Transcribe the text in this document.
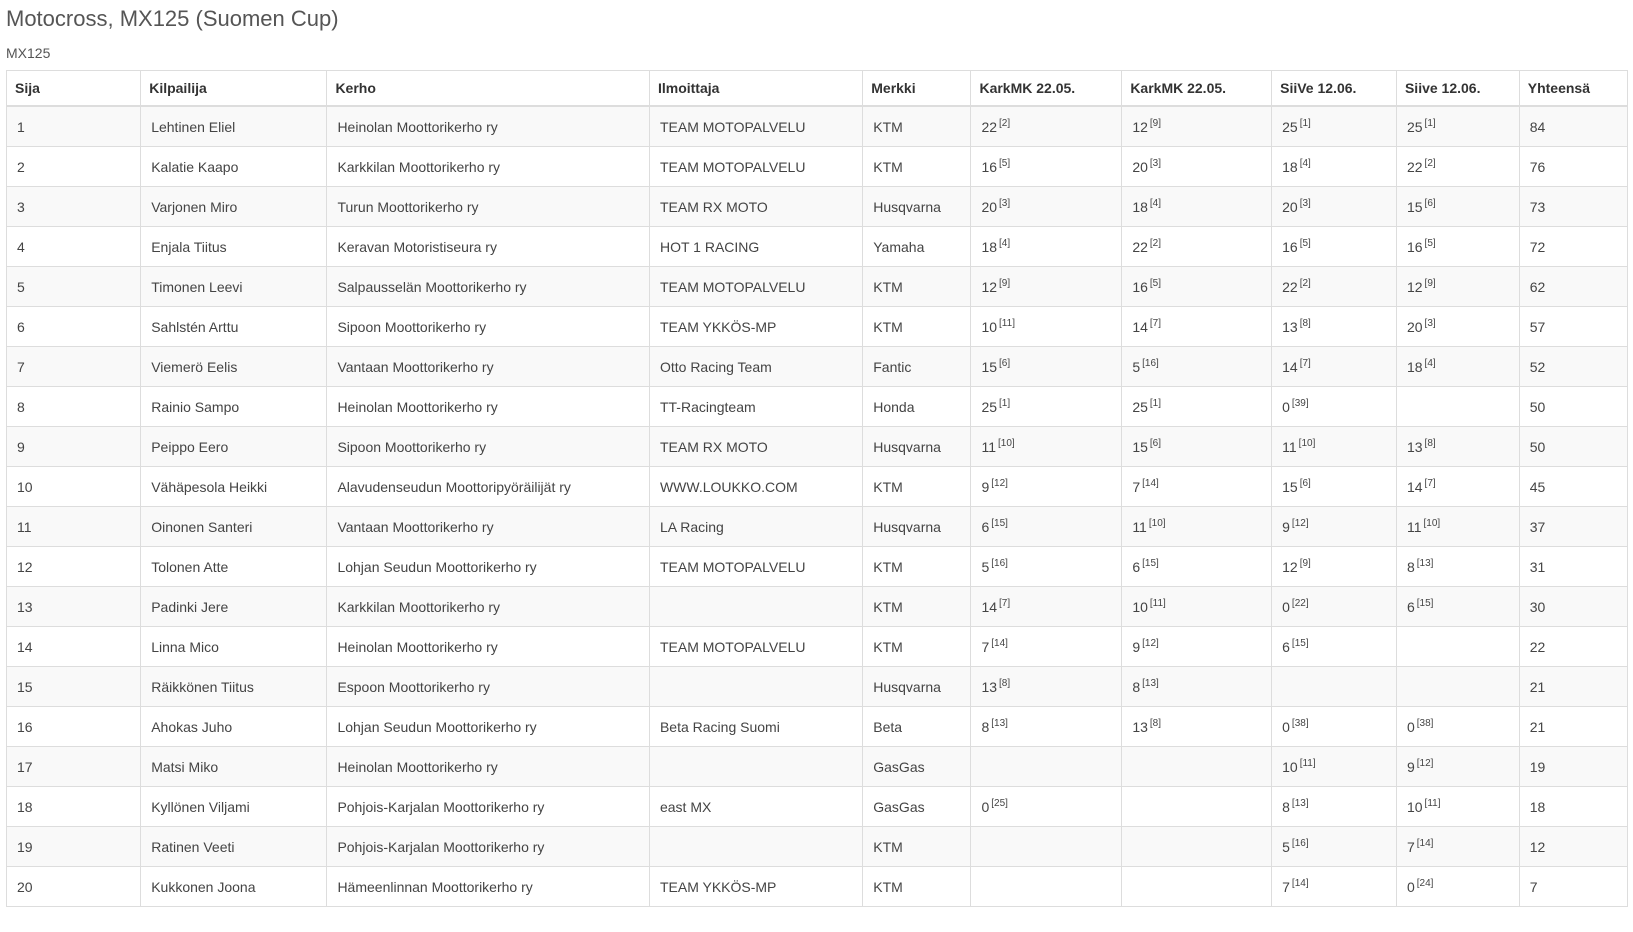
Motocross, MX125 (Suomen Cup)
MX125
Sija	Kilpailija	Kerho	Ilmoittaja	Merkki	KarkMK 22.05.	KarkMK 22.05.	SiiVe 12.06.	Siive 12.06.	Yhteensä
1	Lehtinen Eliel	Heinolan Moottorikerho ry	TEAM MOTOPALVELU	KTM	22 [2]	12 [9]	25 [1]	25 [1]	84
2	Kalatie Kaapo	Karkkilan Moottorikerho ry	TEAM MOTOPALVELU	KTM	16 [5]	20 [3]	18 [4]	22 [2]	76
3	Varjonen Miro	Turun Moottorikerho ry	TEAM RX MOTO	Husqvarna	20 [3]	18 [4]	20 [3]	15 [6]	73
4	Enjala Tiitus	Keravan Motoristiseura ry	HOT 1 RACING	Yamaha	18 [4]	22 [2]	16 [5]	16 [5]	72
5	Timonen Leevi	Salpausselän Moottorikerho ry	TEAM MOTOPALVELU	KTM	12 [9]	16 [5]	22 [2]	12 [9]	62
6	Sahlstén Arttu	Sipoon Moottorikerho ry	TEAM YKKÖS-MP	KTM	10 [11]	14 [7]	13 [8]	20 [3]	57
7	Viemerö Eelis	Vantaan Moottorikerho ry	Otto Racing Team	Fantic	15 [6]	5 [16]	14 [7]	18 [4]	52
8	Rainio Sampo	Heinolan Moottorikerho ry	TT-Racingteam	Honda	25 [1]	25 [1]	0 [39]		50
9	Peippo Eero	Sipoon Moottorikerho ry	TEAM RX MOTO	Husqvarna	11 [10]	15 [6]	11 [10]	13 [8]	50
10	Vähäpesola Heikki	Alavudenseudun Moottoripyöräilijät ry	WWW.LOUKKO.COM	KTM	9 [12]	7 [14]	15 [6]	14 [7]	45
11	Oinonen Santeri	Vantaan Moottorikerho ry	LA Racing	Husqvarna	6 [15]	11 [10]	9 [12]	11 [10]	37
12	Tolonen Atte	Lohjan Seudun Moottorikerho ry	TEAM MOTOPALVELU	KTM	5 [16]	6 [15]	12 [9]	8 [13]	31
13	Padinki Jere	Karkkilan Moottorikerho ry		KTM	14 [7]	10 [11]	0 [22]	6 [15]	30
14	Linna Mico	Heinolan Moottorikerho ry	TEAM MOTOPALVELU	KTM	7 [14]	9 [12]	6 [15]		22
15	Räikkönen Tiitus	Espoon Moottorikerho ry		Husqvarna	13 [8]	8 [13]			21
16	Ahokas Juho	Lohjan Seudun Moottorikerho ry	Beta Racing Suomi	Beta	8 [13]	13 [8]	0 [38]	0 [38]	21
17	Matsi Miko	Heinolan Moottorikerho ry		GasGas			10 [11]	9 [12]	19
18	Kyllönen Viljami	Pohjois-Karjalan Moottorikerho ry	east MX	GasGas	0 [25]		8 [13]	10 [11]	18
19	Ratinen Veeti	Pohjois-Karjalan Moottorikerho ry		KTM			5 [16]	7 [14]	12
20	Kukkonen Joona	Hämeenlinnan Moottorikerho ry	TEAM YKKÖS-MP	KTM			7 [14]	0 [24]	7
